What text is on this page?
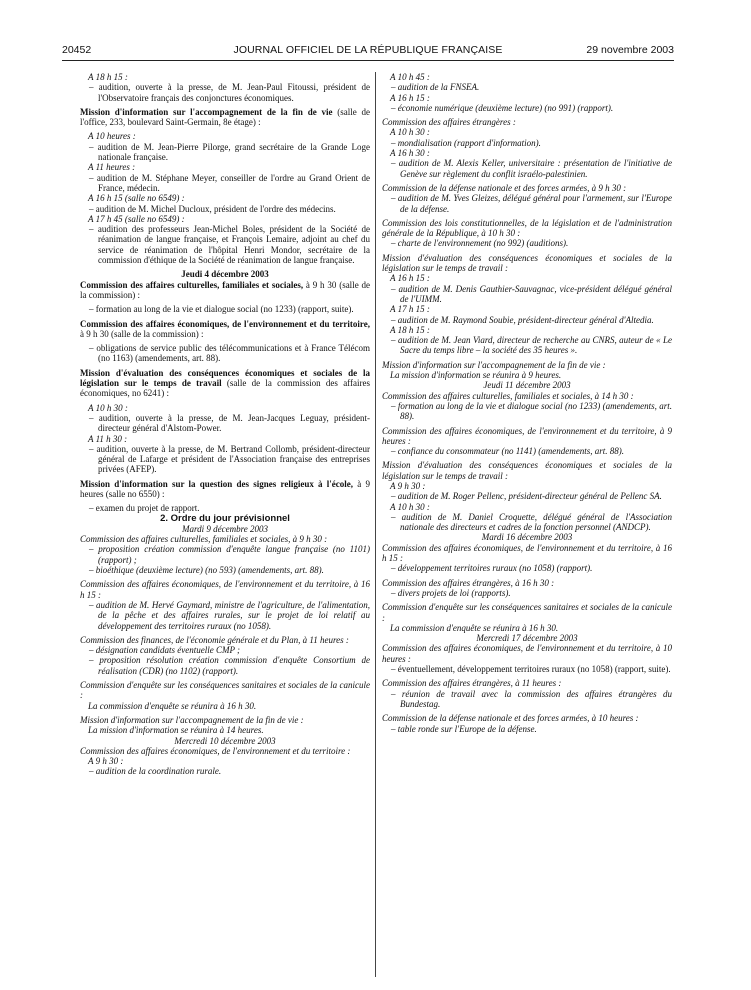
20452	JOURNAL OFFICIEL DE LA RÉPUBLIQUE FRANÇAISE	29 novembre 2003

A 18 h 15 :

– audition, ouverte à la presse, de M. Jean-Paul Fitoussi, président de l'Observatoire français des conjonctures économiques.

Mission d'information sur l'accompagnement de la fin de vie (salle de l'office, 233, boulevard Saint-Germain, 8e étage) :

A 10 heures :

– audition de M. Jean-Pierre Pilorge, grand secrétaire de la Grande Loge nationale française.

A 11 heures :

– audition de M. Stéphane Meyer, conseiller de l'ordre au Grand Orient de France, médecin.

A 16 h 15 (salle no 6549) :

– audition de M. Michel Ducloux, président de l'ordre des médecins.

A 17 h 45 (salle no 6549) :

– audition des professeurs Jean-Michel Boles, président de la Société de réanimation de langue française, et François Lemaire, adjoint au chef du service de réanimation de l'hôpital Henri Mondor, secrétaire de la commission d'éthique de la Société de réanimation de langue française.

Jeudi 4 décembre 2003

Commission des affaires culturelles, familiales et sociales, à 9 h 30 (salle de la commission) :

– formation au long de la vie et dialogue social (no 1233) (rapport, suite).

Commission des affaires économiques, de l'environnement et du territoire, à 9 h 30 (salle de la commission) :

– obligations de service public des télécommunications et à France Télécom (no 1163) (amendements, art. 88).

Mission d'évaluation des conséquences économiques et sociales de la législation sur le temps de travail (salle de la commission des affaires économiques, no 6241) :

A 10 h 30 :

– audition, ouverte à la presse, de M. Jean-Jacques Leguay, président-directeur général d'Alstom-Power.

A 11 h 30 :

– audition, ouverte à la presse, de M. Bertrand Collomb, président-directeur général de Lafarge et président de l'Association française des entreprises privées (AFEP).

Mission d'information sur la question des signes religieux à l'école, à 9 heures (salle no 6550) :

– examen du projet de rapport.

2. Ordre du jour prévisionnel

Mardi 9 décembre 2003

Commission des affaires culturelles, familiales et sociales, à 9 h 30 :

– proposition création commission d'enquête langue française (no 1101) (rapport) ;

– bioéthique (deuxième lecture) (no 593) (amendements, art. 88).

Commission des affaires économiques, de l'environnement et du territoire, à 16 h 15 :

– audition de M. Hervé Gaymard, ministre de l'agriculture, de l'alimentation, de la pêche et des affaires rurales, sur le projet de loi relatif au développement des territoires ruraux (no 1058).

Commission des finances, de l'économie générale et du Plan, à 11 heures :

– désignation candidats éventuelle CMP ;

– proposition résolution création commission d'enquête Consortium de réalisation (CDR) (no 1102) (rapport).

Commission d'enquête sur les conséquences sanitaires et sociales de la canicule :

La commission d'enquête se réunira à 16 h 30.

Mission d'information sur l'accompagnement de la fin de vie :

La mission d'information se réunira à 14 heures.

Mercredi 10 décembre 2003

Commission des affaires économiques, de l'environnement et du territoire :

A 9 h 30 :

– audition de la coordination rurale.

A 10 h 45 :

– audition de la FNSEA.

A 16 h 15 :

– économie numérique (deuxième lecture) (no 991) (rapport).

Commission des affaires étrangères :

A 10 h 30 :

– mondialisation (rapport d'information).

A 16 h 30 :

– audition de M. Alexis Keller, universitaire : présentation de l'initiative de Genève sur règlement du conflit israélo-palestinien.

Commission de la défense nationale et des forces armées, à 9 h 30 :

– audition de M. Yves Gleizes, délégué général pour l'armement, sur l'Europe de la défense.

Commission des lois constitutionnelles, de la législation et de l'administration générale de la République, à 10 h 30 :

– charte de l'environnement (no 992) (auditions).

Mission d'évaluation des conséquences économiques et sociales de la législation sur le temps de travail :

A 16 h 15 :

– audition de M. Denis Gauthier-Sauvagnac, vice-président délégué général de l'UIMM.

A 17 h 15 :

– audition de M. Raymond Soubie, président-directeur général d'Altedia.

A 18 h 15 :

– audition de M. Jean Viard, directeur de recherche au CNRS, auteur de « Le Sacre du temps libre – la société des 35 heures ».

Mission d'information sur l'accompagnement de la fin de vie :

La mission d'information se réunira à 9 heures.

Jeudi 11 décembre 2003

Commission des affaires culturelles, familiales et sociales, à 14 h 30 :

– formation au long de la vie et dialogue social (no 1233) (amendements, art. 88).

Commission des affaires économiques, de l'environnement et du territoire, à 9 heures :

– confiance du consommateur (no 1141) (amendements, art. 88).

Mission d'évaluation des conséquences économiques et sociales de la législation sur le temps de travail :

A 9 h 30 :

– audition de M. Roger Pellenc, président-directeur général de Pellenc SA.

A 10 h 30 :

– audition de M. Daniel Croquette, délégué général de l'Association nationale des directeurs et cadres de la fonction personnel (ANDCP).

Mardi 16 décembre 2003

Commission des affaires économiques, de l'environnement et du territoire, à 16 h 15 :

– développement territoires ruraux (no 1058) (rapport).

Commission des affaires étrangères, à 16 h 30 :

– divers projets de loi (rapports).

Commission d'enquête sur les conséquences sanitaires et sociales de la canicule :

La commission d'enquête se réunira à 16 h 30.

Mercredi 17 décembre 2003

Commission des affaires économiques, de l'environnement et du territoire, à 10 heures :

– éventuellement, développement territoires ruraux (no 1058) (rapport, suite).

Commission des affaires étrangères, à 11 heures :

– réunion de travail avec la commission des affaires étrangères du Bundestag.

Commission de la défense nationale et des forces armées, à 10 heures :

– table ronde sur l'Europe de la défense.
